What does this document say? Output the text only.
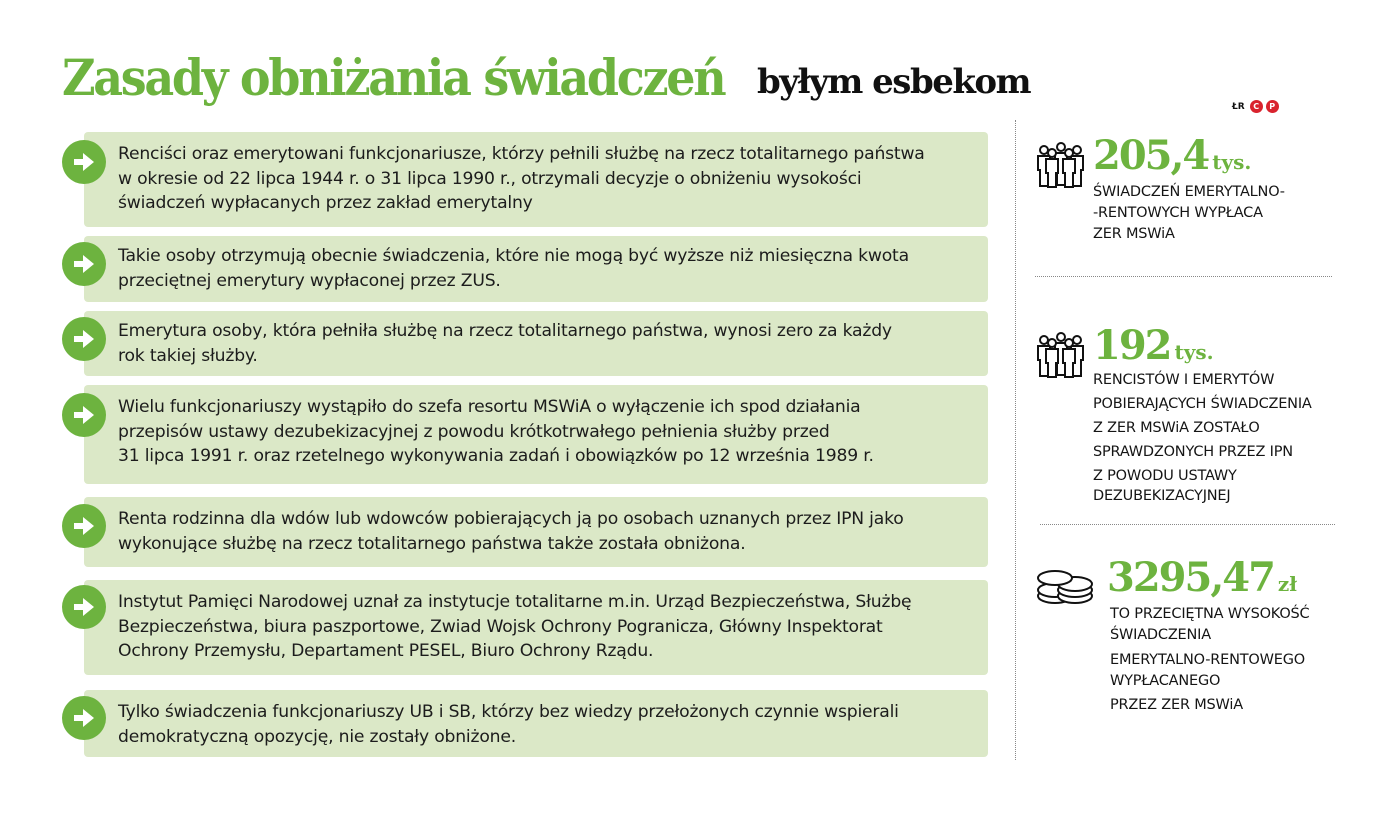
Zasady obniżania świadczeń byłym esbekom
ŁR	C	P
Renciści oraz emerytowani funkcjonariusze, którzy pełnili służbę na rzecz totalitarnego państwa
w okresie od 22 lipca 1944 r. o 31 lipca 1990 r., otrzymali decyzje o obniżeniu wysokości
świadczeń wypłacanych przez zakład emerytalny
Takie osoby otrzymują obecnie świadczenia, które nie mogą być wyższe niż miesięczna kwota
przeciętnej emerytury wypłaconej przez ZUS.
Emerytura osoby, która pełniła służbę na rzecz totalitarnego państwa, wynosi zero za każdy
rok takiej służby.
Wielu funkcjonariuszy wystąpiło do szefa resortu MSWiA o wyłączenie ich spod działania
przepisów ustawy dezubekizacyjnej z powodu krótkotrwałego pełnienia służby przed
31 lipca 1991 r. oraz rzetelnego wykonywania zadań i obowiązków po 12 września 1989 r.
Renta rodzinna dla wdów lub wdowców pobierających ją po osobach uznanych przez IPN jako
wykonujące służbę na rzecz totalitarnego państwa także została obniżona.
Instytut Pamięci Narodowej uznał za instytucje totalitarne m.in. Urząd Bezpieczeństwa, Służbę
Bezpieczeństwa, biura paszportowe, Zwiad Wojsk Ochrony Pogranicza, Główny Inspektorat
Ochrony Przemysłu, Departament PESEL, Biuro Ochrony Rządu.
Tylko świadczenia funkcjonariuszy UB i SB, którzy bez wiedzy przełożonych czynnie wspierali
demokratyczną opozycję, nie zostały obniżone.
205,4 tys.
ŚWIADCZEŃ EMERYTALNO-
-RENTOWYCH WYPŁACA
ZER MSWiA
192 tys.
RENCISTÓW I EMERYTÓW
POBIERAJĄCYCH ŚWIADCZENIA
Z ZER MSWiA ZOSTAŁO
SPRAWDZONYCH PRZEZ IPN
Z POWODU USTAWY
DEZUBEKIZACYJNEJ
3295,47 zł
TO PRZECIĘTNA WYSOKOŚĆ
ŚWIADCZENIA
EMERYTALNO-RENTOWEGO
WYPŁACANEGO
PRZEZ ZER MSWiA
